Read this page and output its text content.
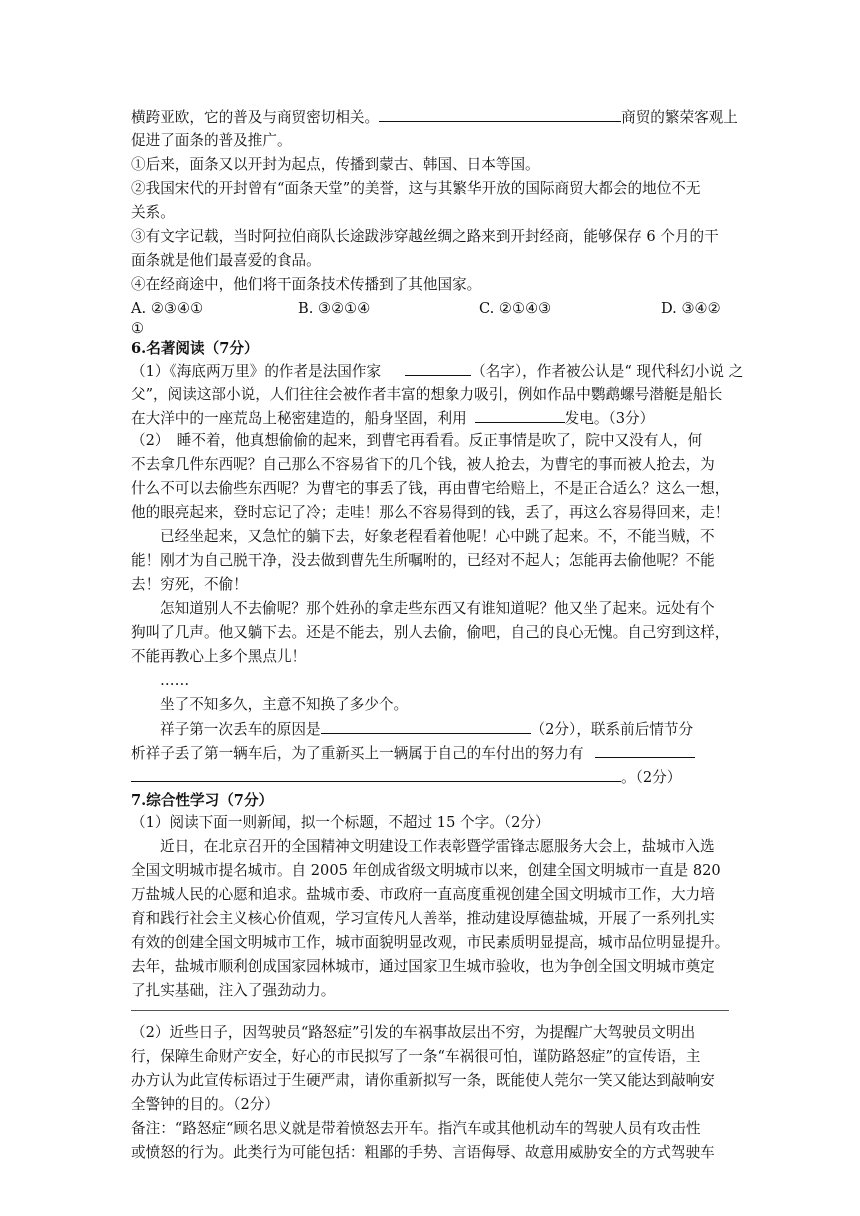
横跨亚欧，它的普及与商贸密切相关。	商贸的繁荣客观上
促进了面条的普及推广。
①后来，面条又以开封为起点，传播到蒙古、韩国、日本等国。
②我国宋代的开封曾有“面条天堂”的美誉，这与其繁华开放的国际商贸大都会的地位不无
关系。
③有文字记载，当时阿拉伯商队长途跋涉穿越丝绸之路来到开封经商，能够保存 6 个月的干
面条就是他们最喜爱的食品。
④在经商途中，他们将干面条技术传播到了其他国家。
A. ②③④①	B. ③②①④	C. ②①④③	D. ③④②
①
6.名著阅读（7分）
（1）《海底两万里》的作者是法国作家	（名字），作者被公认是“ 现代科幻小说 之
父”，阅读这部小说，人们往往会被作者丰富的想象力吸引，例如作品中鹦鹉螺号潜艇是船长
在大洋中的一座荒岛上秘密建造的，船身坚固，利用	发电。（3分）
（2）　睡不着，他真想偷偷的起来，到曹宅再看看。反正事情是吹了，院中又没有人，何
不去拿几件东西呢？自己那么不容易省下的几个钱，被人抢去，为曹宅的事而被人抢去，为
什么不可以去偷些东西呢？为曹宅的事丢了钱，再由曹宅给赔上，不是正合适么？这么一想，
他的眼亮起来，登时忘记了冷；走哇！那么不容易得到的钱，丢了，再这么容易得回来，走！
已经坐起来，又急忙的躺下去，好象老程看着他呢！心中跳了起来。不，不能当贼，不
能！刚才为自己脱干净，没去做到曹先生所嘱咐的，已经对不起人；怎能再去偷他呢？不能
去！穷死，不偷！
怎知道别人不去偷呢？那个姓孙的拿走些东西又有谁知道呢？他又坐了起来。远处有个
狗叫了几声。他又躺下去。还是不能去，别人去偷，偷吧，自己的良心无愧。自己穷到这样，
不能再教心上多个黑点儿！
……
坐了不知多久，主意不知换了多少个。
祥子第一次丢车的原因是	（2分），联系前后情节分
析祥子丢了第一辆车后，为了重新买上一辆属于自己的车付出的努力有
。（2分）
7.综合性学习（7分）
（1）阅读下面一则新闻，拟一个标题，不超过 15 个字。（2分）
近日，在北京召开的全国精神文明建设工作表彰暨学雷锋志愿服务大会上，盐城市入选
全国文明城市提名城市。自 2005 年创成省级文明城市以来，创建全国文明城市一直是 820
万盐城人民的心愿和追求。盐城市委、市政府一直高度重视创建全国文明城市工作，大力培
育和践行社会主义核心价值观，学习宣传凡人善举，推动建设厚德盐城，开展了一系列扎实
有效的创建全国文明城市工作，城市面貌明显改观，市民素质明显提高，城市品位明显提升。
去年，盐城市顺利创成国家园林城市，通过国家卫生城市验收，也为争创全国文明城市奠定
了扎实基础，注入了强劲动力。
（2）近些日子，因驾驶员“路怒症”引发的车祸事故层出不穷，为提醒广大驾驶员文明出
行，保障生命财产安全，好心的市民拟写了一条“车祸很可怕，谨防路怒症”的宣传语，主
办方认为此宣传标语过于生硬严肃，请你重新拟写一条，既能使人莞尔一笑又能达到敲响安
全警钟的目的。（2分）
备注：“路怒症“顾名思义就是带着愤怒去开车。指汽车或其他机动车的驾驶人员有攻击性
或愤怒的行为。此类行为可能包括：粗鄙的手势、言语侮辱、故意用威胁安全的方式驾驶车
